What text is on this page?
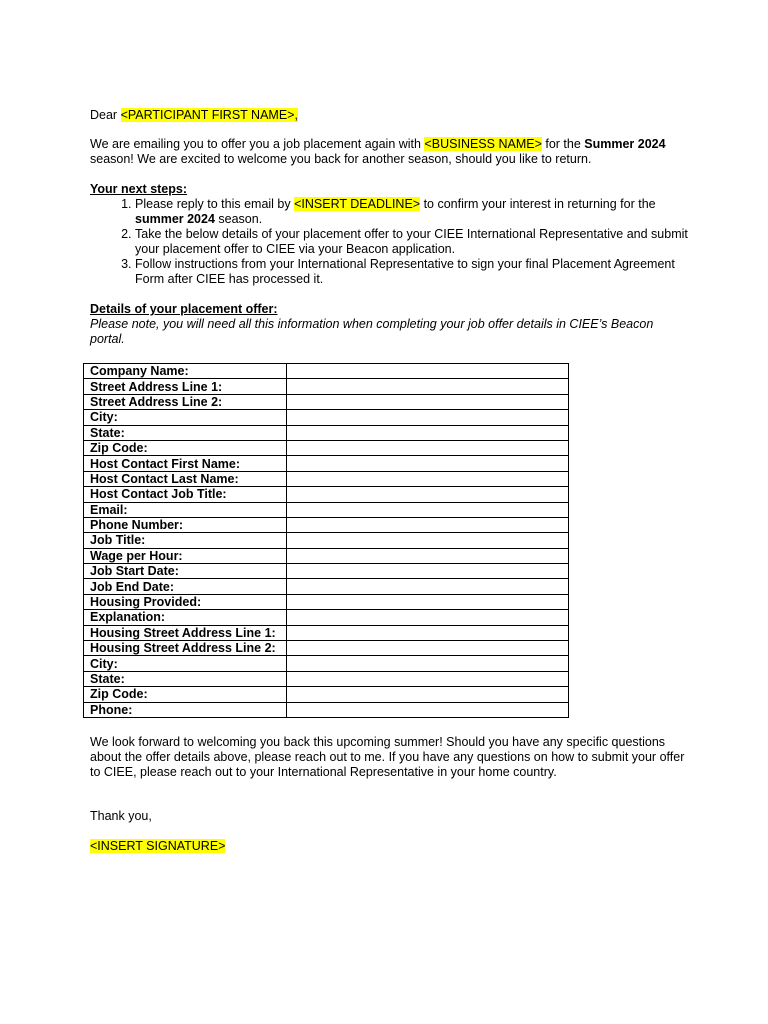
Dear <PARTICIPANT FIRST NAME>,

We are emailing you to offer you a job placement again with <BUSINESS NAME> for the Summer 2024 season! We are excited to welcome you back for another season, should you like to return.

Your next steps:

1. Please reply to this email by <INSERT DEADLINE> to confirm your interest in returning for the summer 2024 season.
2. Take the below details of your placement offer to your CIEE International Representative and submit your placement offer to CIEE via your Beacon application.
3. Follow instructions from your International Representative to sign your final Placement Agreement Form after CIEE has processed it.

Details of your placement offer:

Please note, you will need all this information when completing your job offer details in CIEE’s Beacon portal.

Company Name:	
Street Address Line 1:	
Street Address Line 2:	
City:	
State:	
Zip Code:	
Host Contact First Name:	
Host Contact Last Name:	
Host Contact Job Title:	
Email:	
Phone Number:	
Job Title:	
Wage per Hour:	
Job Start Date:	
Job End Date:	
Housing Provided:	
Explanation:	
Housing Street Address Line 1:	
Housing Street Address Line 2:	
City:	
State:	
Zip Code:	
Phone:	

We look forward to welcoming you back this upcoming summer! Should you have any specific questions about the offer details above, please reach out to me. If you have any questions on how to submit your offer to CIEE, please reach out to your International Representative in your home country.

Thank you,

<INSERT SIGNATURE>
